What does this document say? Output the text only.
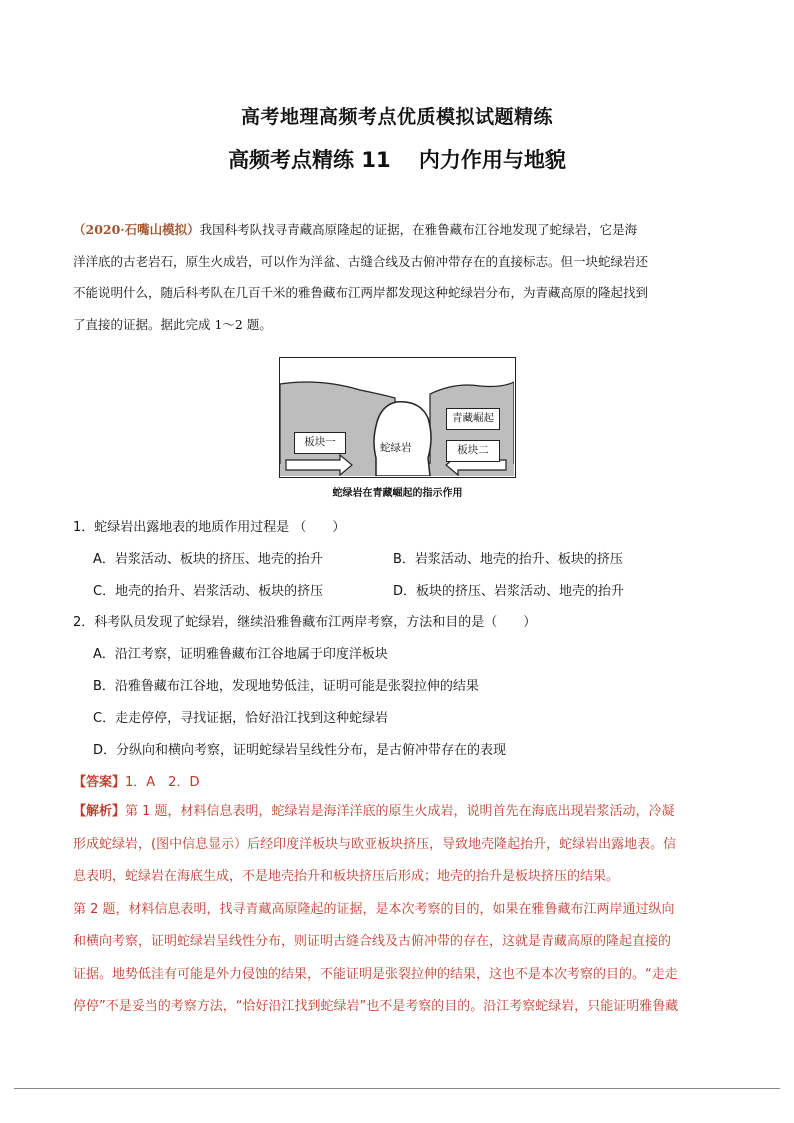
高考地理高频考点优质模拟试题精练
高频考点精练 11　 内力作用与地貌
（2020·石嘴山模拟）我国科考队找寻青藏高原隆起的证据，在雅鲁藏布江谷地发现了蛇绿岩，它是海
洋洋底的古老岩石，原生火成岩，可以作为洋盆、古缝合线及古俯冲带存在的直接标志。但一块蛇绿岩还
不能说明什么，随后科考队在几百千米的雅鲁藏布江两岸都发现这种蛇绿岩分布，为青藏高原的隆起找到
了直接的证据。据此完成 1～2 题。
板块一
板块二
青藏崛起
蛇绿岩
蛇绿岩在青藏崛起的指示作用
1．蛇绿岩出露地表的地质作用过程是 （　　）
A．岩浆活动、板块的挤压、地壳的抬升	B．岩浆活动、地壳的抬升、板块的挤压
C．地壳的抬升、岩浆活动、板块的挤压	D．板块的挤压、岩浆活动、地壳的抬升
2．科考队员发现了蛇绿岩，继续沿雅鲁藏布江两岸考察，方法和目的是（　　）
A．沿江考察，证明雅鲁藏布江谷地属于印度洋板块
B．沿雅鲁藏布江谷地，发现地势低洼，证明可能是张裂拉伸的结果
C．走走停停，寻找证据，恰好沿江找到这种蛇绿岩
D．分纵向和横向考察，证明蛇绿岩呈线性分布，是古俯冲带存在的表现
【答案】1．A　2．D
【解析】第 1 题，材料信息表明，蛇绿岩是海洋洋底的原生火成岩，说明首先在海底出现岩浆活动，冷凝
形成蛇绿岩，(图中信息显示）后经印度洋板块与欧亚板块挤压，导致地壳隆起抬升，蛇绿岩出露地表。信
息表明，蛇绿岩在海底生成，不是地壳抬升和板块挤压后形成；地壳的抬升是板块挤压的结果。
第 2 题，材料信息表明，找寻青藏高原隆起的证据，是本次考察的目的，如果在雅鲁藏布江两岸通过纵向
和横向考察，证明蛇绿岩呈线性分布，则证明古缝合线及古俯冲带的存在，这就是青藏高原的隆起直接的
证据。地势低洼有可能是外力侵蚀的结果，不能证明是张裂拉伸的结果，这也不是本次考察的目的。“走走
停停”不是妥当的考察方法，“恰好沿江找到蛇绿岩”也不是考察的目的。沿江考察蛇绿岩，只能证明雅鲁藏
